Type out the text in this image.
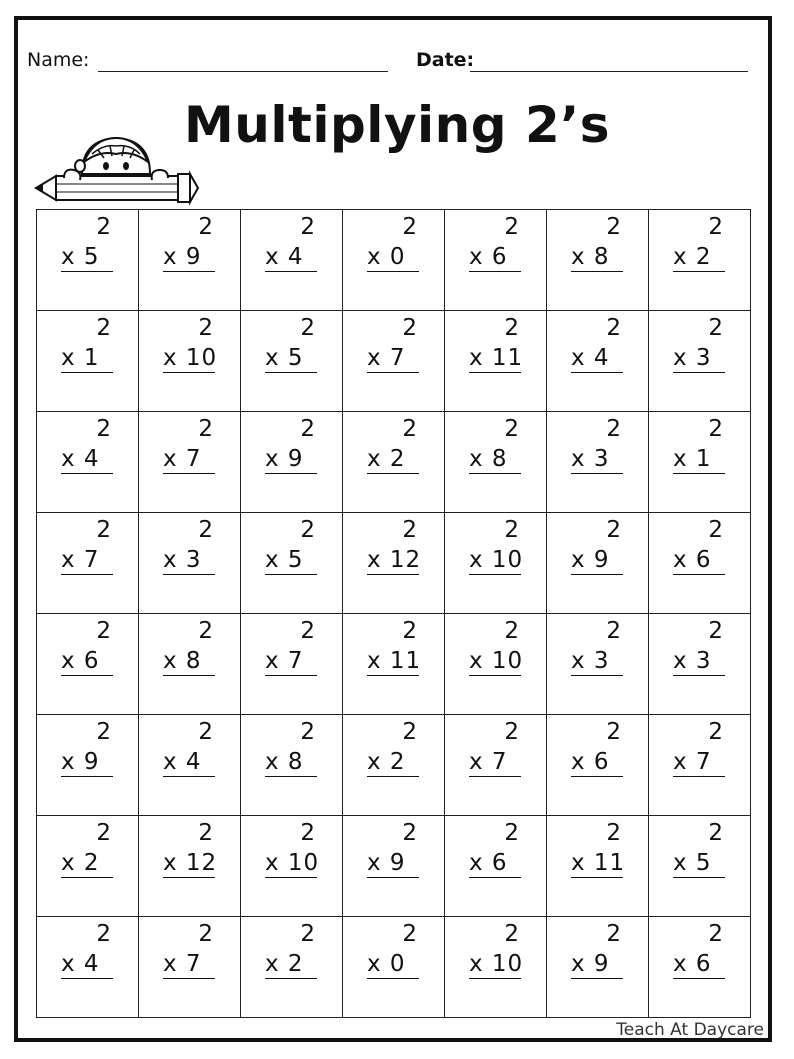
Name:	Date:
Multiplying 2’s
2
x 5
2
x 9
2
x 4
2
x 0
2
x 6
2
x 8
2
x 2
2
x 1
2
x 10
2
x 5
2
x 7
2
x 11
2
x 4
2
x 3
2
x 4
2
x 7
2
x 9
2
x 2
2
x 8
2
x 3
2
x 1
2
x 7
2
x 3
2
x 5
2
x 12
2
x 10
2
x 9
2
x 6
2
x 6
2
x 8
2
x 7
2
x 11
2
x 10
2
x 3
2
x 3
2
x 9
2
x 4
2
x 8
2
x 2
2
x 7
2
x 6
2
x 7
2
x 2
2
x 12
2
x 10
2
x 9
2
x 6
2
x 11
2
x 5
2
x 4
2
x 7
2
x 2
2
x 0
2
x 10
2
x 9
2
x 6
Teach At Daycare
